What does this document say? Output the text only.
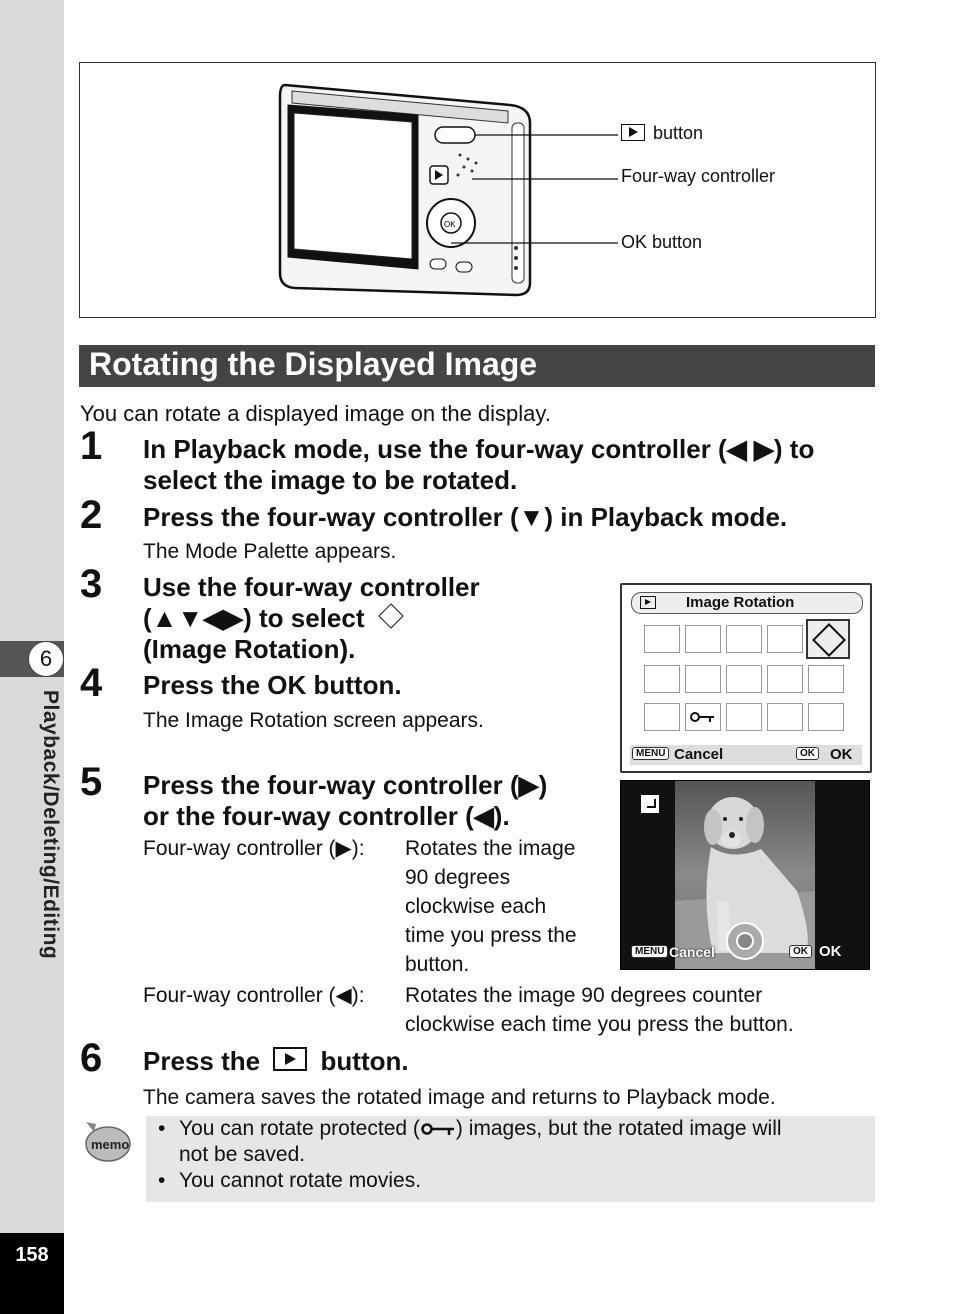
6
Playback/Deleting/Editing
158
OK
button
Four-way controller
OK button
Rotating the Displayed Image
You can rotate a displayed image on the display.
1 In Playback mode, use the four-way controller (◀ ▶) to
select the image to be rotated.
2 Press the four-way controller (▼) in Playback mode.
The Mode Palette appears.
3 Use the four-way controller
(▲▼◀▶) to select
(Image Rotation).
4 Press the OK button.
The Image Rotation screen appears.
Image Rotation
MENU Cancel	OK OK
5 Press the four-way controller (▶)
or the four-way controller (◀).
Four-way controller (▶): Rotates the image
90 degrees
clockwise each
time you press the
button.
Four-way controller (◀): Rotates the image 90 degrees counter
clockwise each time you press the button.
MENU Cancel	OK OK
6 Press the button.
The camera saves the rotated image and returns to Playback mode.
memo
• You can rotate protected ( ) images, but the rotated image will
not be saved.
• You cannot rotate movies.
